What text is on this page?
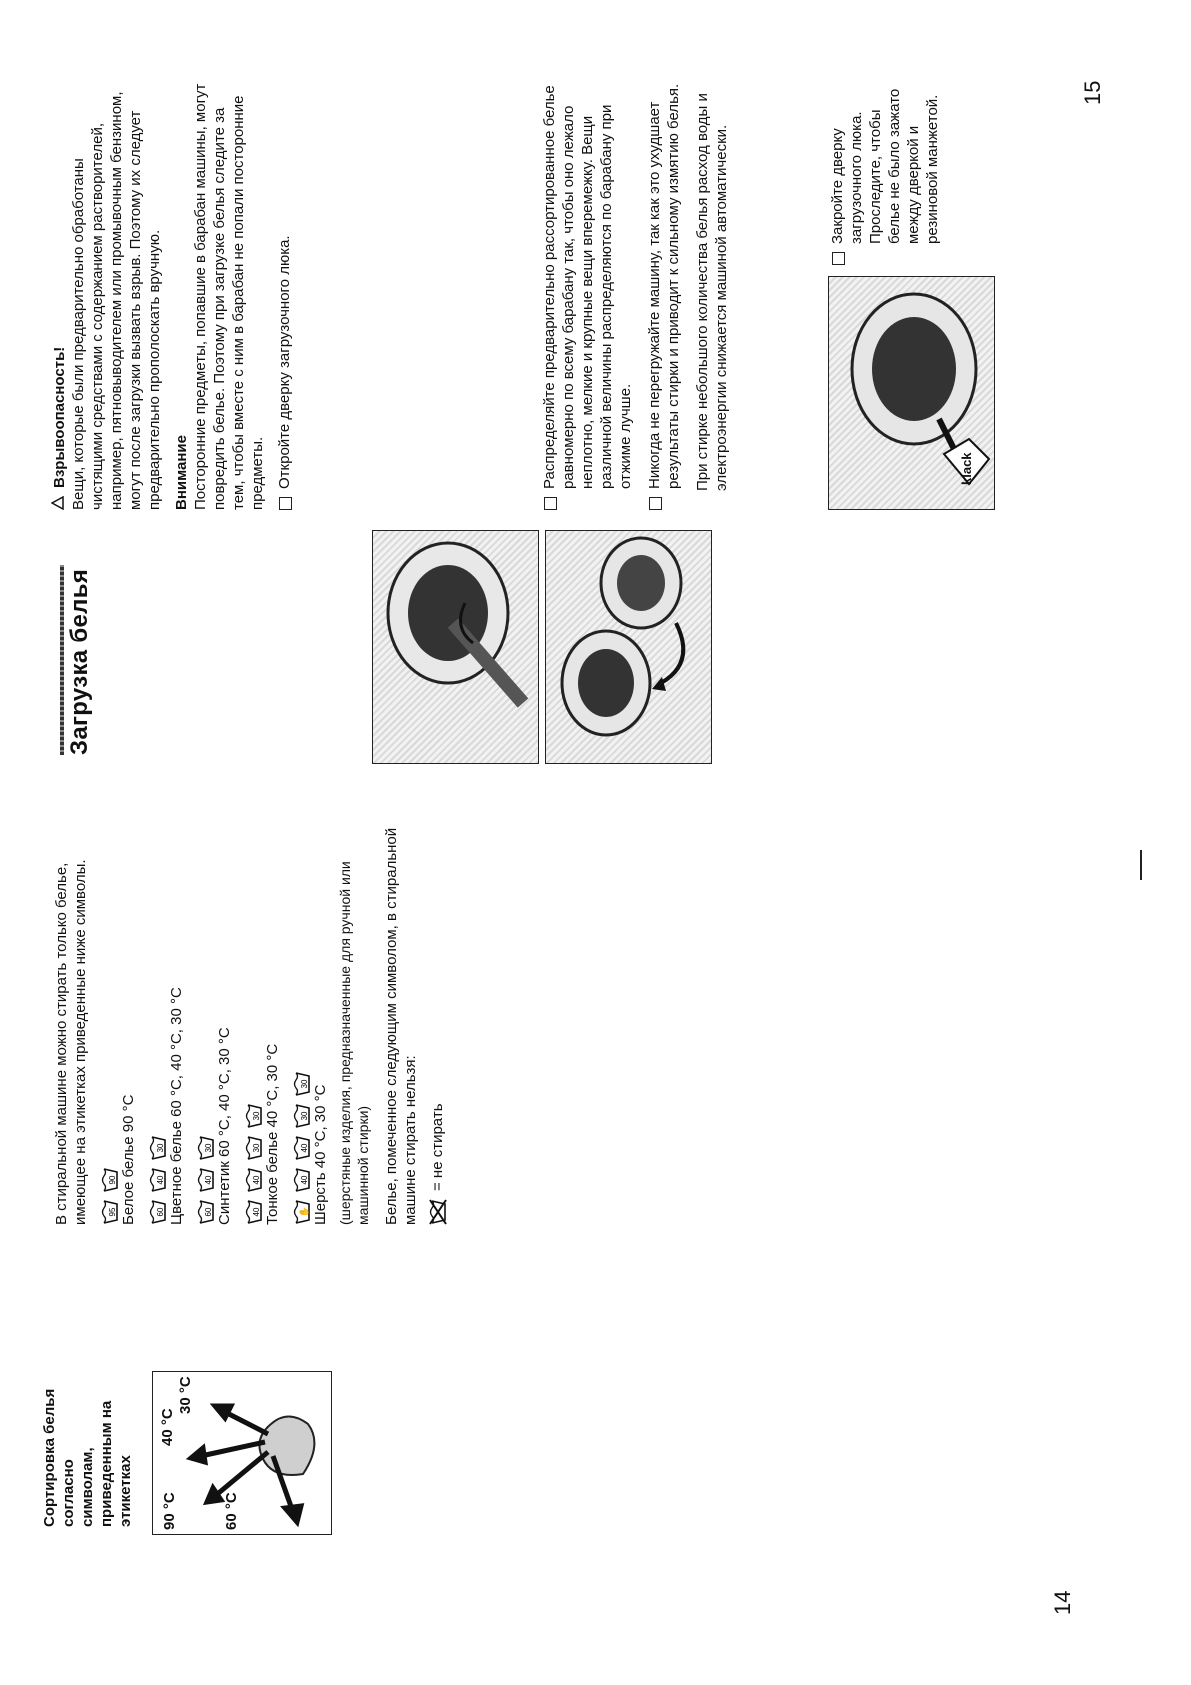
14
Сортировка белья согласно символам, приведенным на этикетках 90 °C	60 °C
40 °C
30 °C

В стиральной машине можно стирать только белье, имеющее на этикетках приведенные ниже символы. 95
90 Белое белье 90 °C 60
40
30 Цветное белье 60 °C, 40 °C, 30 °C 60
40
30 Синтетик 60 °C, 40 °C, 30 °C 40
40
30
30 Тонкое белье 40 °C, 30 °C ✋
40
40
30
30
Шерсть 40 °C, 30 °C (шерстяные изделия, предназначенные для ручной или машинной стирки) Белье, помеченное следующим символом, в стиральной машине стирать нельзя: = не стирать
15
Загрузка белья
Взрывоопасность! Вещи, которые были предварительно обработаны чистящими средствами с содержанием растворителей, например, пятновыводителем или промывочным бензином, могут после загрузки вызвать взрыв. Поэтому их следует предварительно прополоскать вручную. Внимание Посторонние предметы, попавшие в барабан машины, могут повредить белье. Поэтому при загрузке белья следите за тем, чтобы вместе с ним в барабан не попали посторонние предметы. Откройте дверку загрузочного люка.	klack
Распределяйте предварительно рассортированное белье равномерно по всему барабану так, чтобы оно лежало неплотно, мелкие и крупные вещи вперемежку. Вещи различной величины распределяются по барабану при отжиме лучше. Никогда не перегружайте машину, так как это ухудшает результаты стирки и приводит к сильному измятию белья. При стирке небольшого количества белья расход воды и электроэнергии снижается машиной автоматически.	Закройте дверку загрузочного люка. Проследите, чтобы белье не было зажато между дверкой и резиновой манжетой.
